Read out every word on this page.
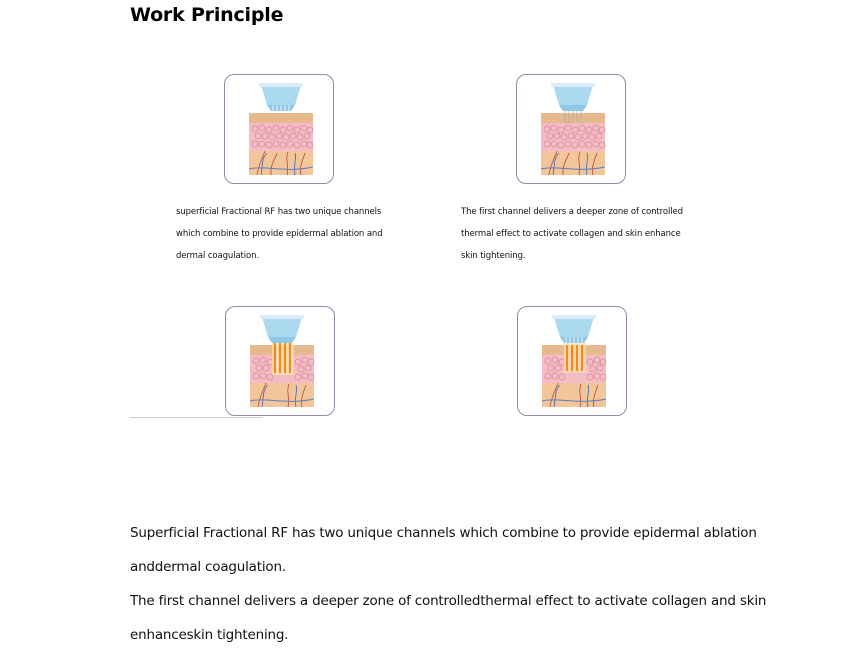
Work Principle
superficial Fractional RF has two unique channels
which combine to provide epidermal ablation and
dermal coagulation.
The first channel delivers a deeper zone of controlled
thermal effect to activate collagen and skin enhance
skin tightening.
Superficial Fractional RF has two unique channels which combine to provide epidermal ablation
anddermal coagulation.
The first channel delivers a deeper zone of controlledthermal effect to activate collagen and skin
enhanceskin tightening.
